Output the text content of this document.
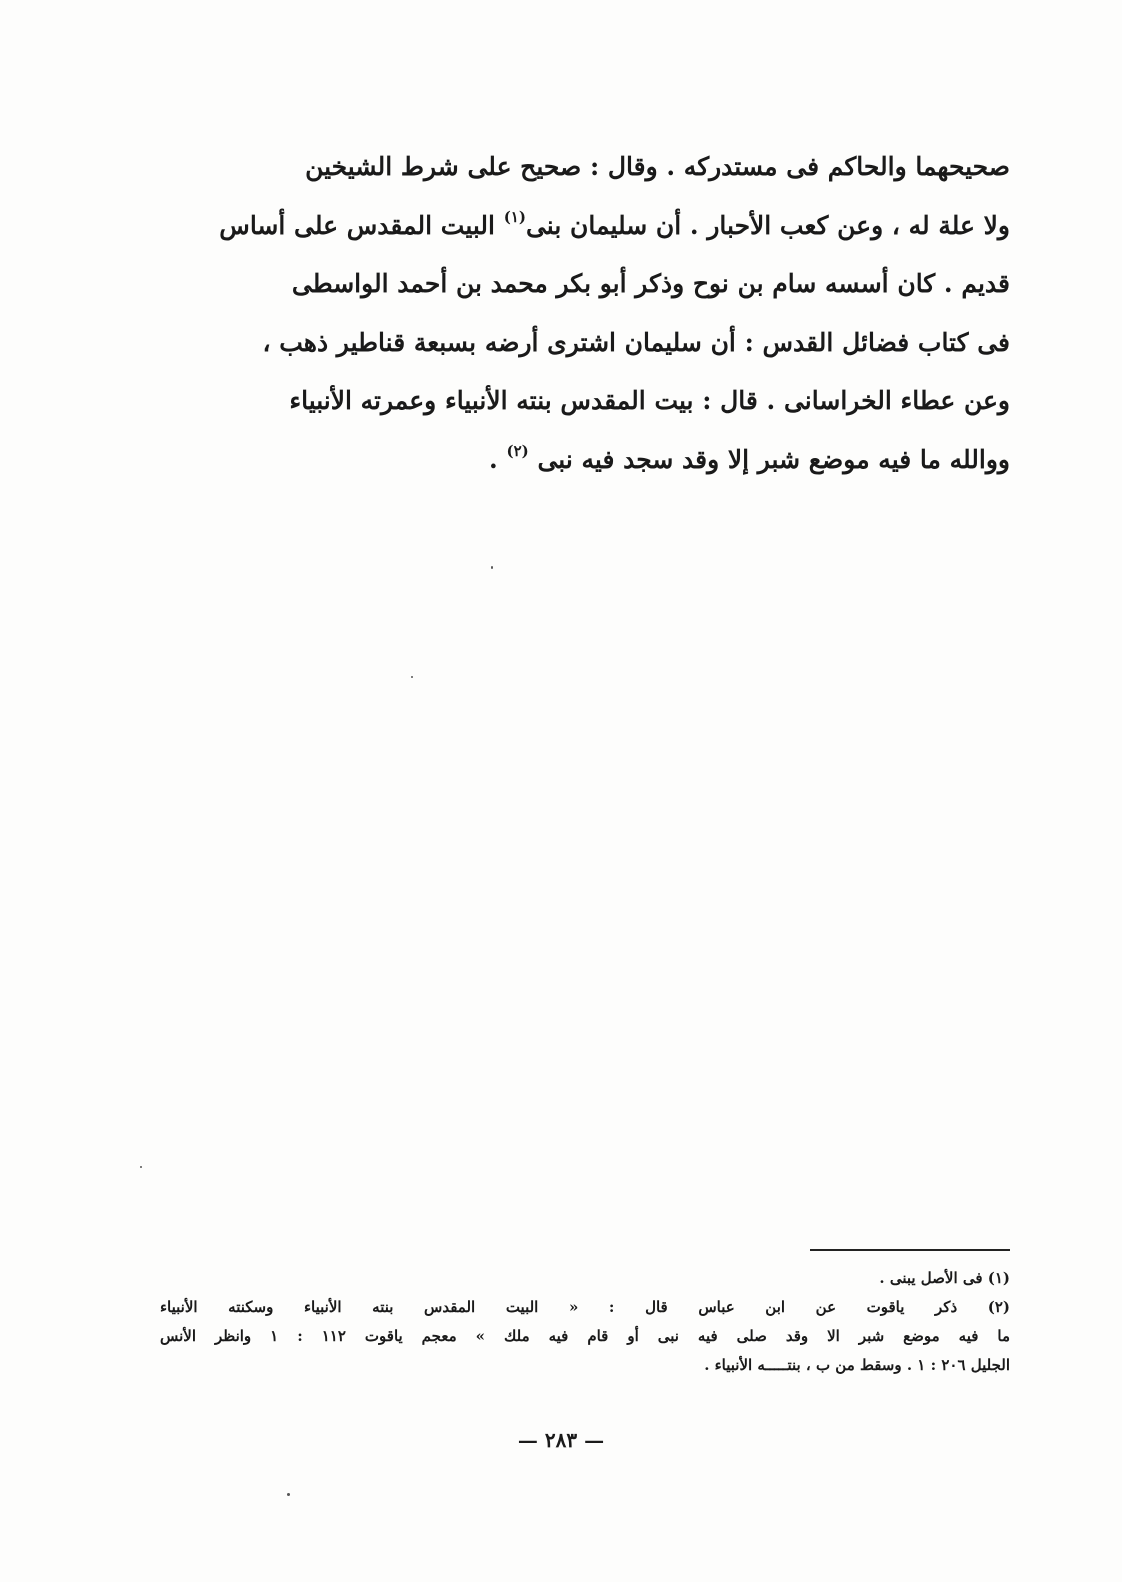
صحيحهما والحاكم فى مستدركه . وقال : صحيح على شرط الشيخين
ولا علة له ، وعن كعب الأحبار . أن سليمان بنى$^{(١)}$ البيت المقدس على أساس
قديم . كان أسسه سام بن نوح وذكر أبو بكر محمد بن أحمد الواسطى
فى كتاب فضائل القدس : أن سليمان اشترى أرضه بسبعة قناطير ذهب ،
وعن عطاء الخراسانى . قال : بيت المقدس بنته الأنبياء وعمرته الأنبياء
ووالله ما فيه موضع شبر إلا وقد سجد فيه نبى $^{(٢)}$ .
(١) فى الأصل يبنى .
(٢) ذكر ياقوت عن ابن عباس قال : « البيت المقدس بنته الأنبياء وسكنته الأنبياء
ما فيه موضع شبر الا وقد صلى فيه نبى أو قام فيه ملك » معجم ياقوت ١١٢ : ١ وانظر الأنس
الجليل ٢٠٦ : ١ . وسقط من ب ، بنتـــــه الأنبياء .
— ٢٨٣ —
